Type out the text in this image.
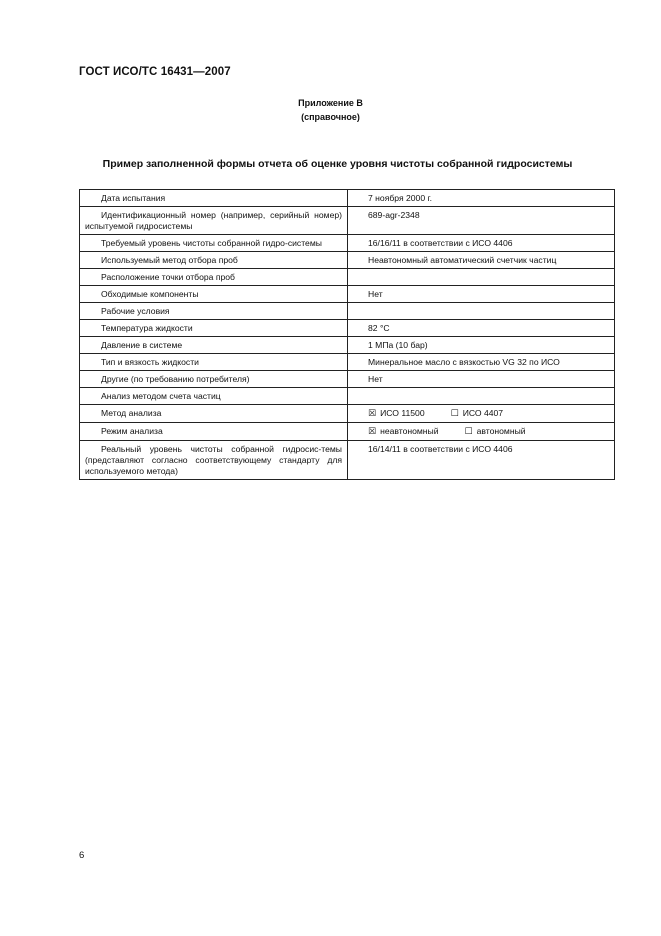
ГОСТ ИСО/ТС 16431—2007
Приложение В
(справочное)
Пример заполненной формы отчета об оценке уровня чистоты собранной гидросистемы
Дата испытания	7 ноября 2000 г.

Идентификационный номер (например, серийный номер) испытуемой гидросистемы	689-agr-2348

Требуемый уровень чистоты собранной гидро-системы	16/16/11 в соответствии с ИСО 4406

Используемый метод отбора проб	Неавтономный автоматический счетчик частиц

Расположение точки отбора проб	

Обходимые компоненты	Нет

Рабочие условия	

Температура жидкости	82 °С

Давление в системе	1 МПа (10 бар)

Тип и вязкость жидкости	Минеральное масло с вязкостью VG 32 по ИСО

Другие (по требованию потребителя)	Нет

Анализ методом счета частиц	

Метод анализа	☒ ИСО 11500 ☐ ИСО 4407

Режим анализа	☒ неавтономный ☐ автономный

Реальный уровень чистоты собранной гидросис-темы (представляют согласно соответствующему стандарту для используемого метода)	16/14/11 в соответствии с ИСО 4406
6
